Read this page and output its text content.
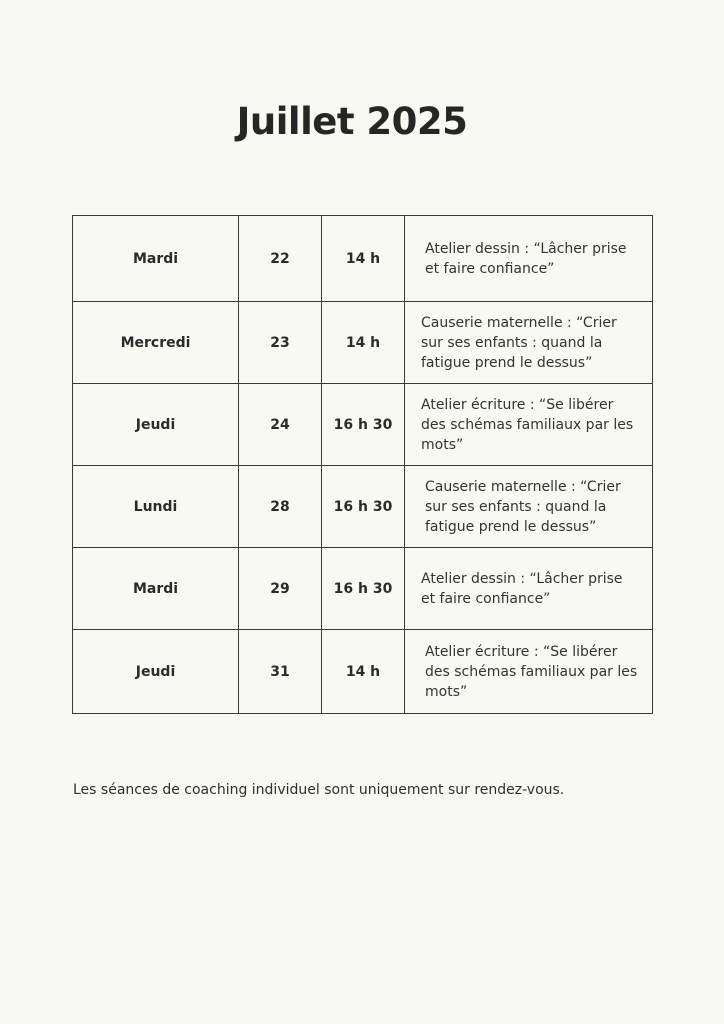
Juillet 2025
Mardi	22	14 h	Atelier dessin : “Lâcher prise et faire confiance”

Mercredi	23	14 h	Causerie maternelle : “Crier sur ses enfants : quand la fatigue prend le dessus”

Jeudi	24	16 h 30	Atelier écriture : “Se libérer des schémas familiaux par les mots”

Lundi	28	16 h 30	Causerie maternelle : “Crier sur ses enfants : quand la fatigue prend le dessus”

Mardi	29	16 h 30	Atelier dessin : “Lâcher prise et faire confiance”

Jeudi	31	14 h	Atelier écriture : “Se libérer des schémas familiaux par les mots”

Les séances de coaching individuel sont uniquement sur rendez-vous.
